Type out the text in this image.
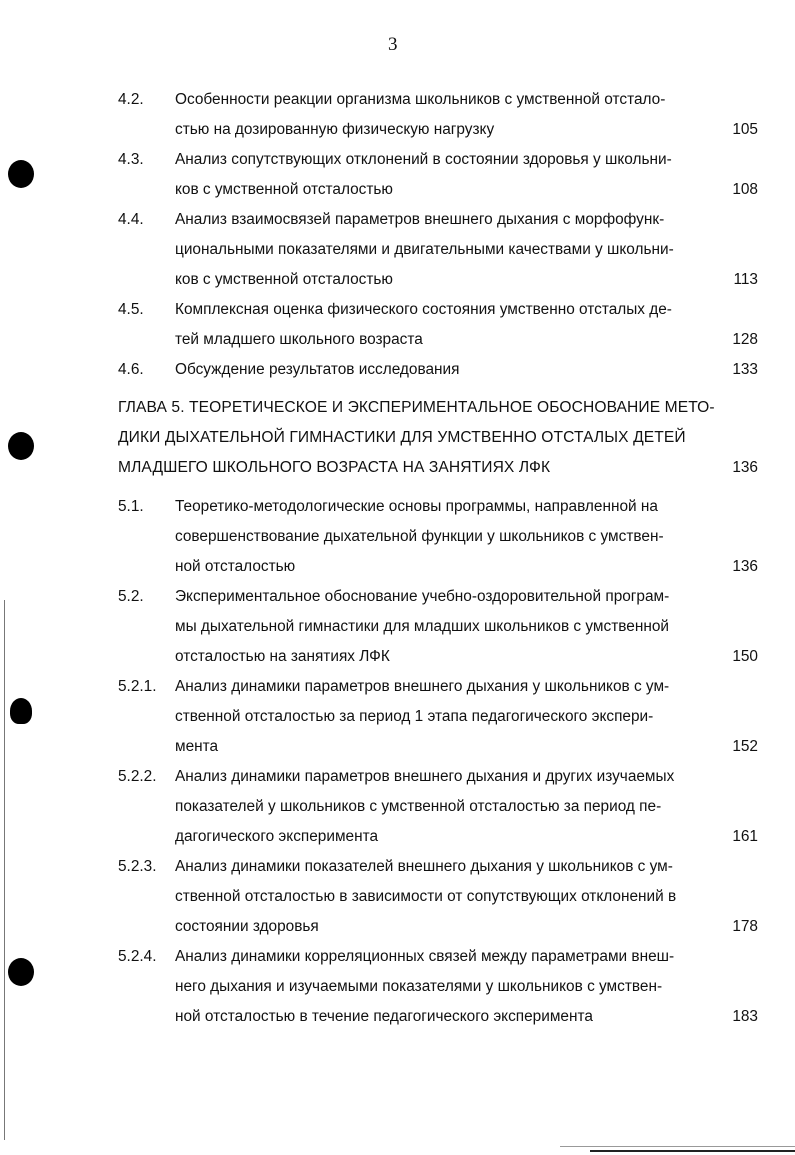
3
4.2. Особенности реакции организма школьников с умственной отстало-
стью на дозированную физическую нагрузку	105
4.3. Анализ сопутствующих отклонений в состоянии здоровья у школьни-
ков с умственной отсталостью	108
4.4. Анализ взаимосвязей параметров внешнего дыхания с морфофунк-
циональными показателями и двигательными качествами у школьни-
ков с умственной отсталостью	113
4.5. Комплексная оценка физического состояния умственно отсталых де-
тей младшего школьного возраста	128
4.6. Обсуждение результатов исследования	133
ГЛАВА 5. ТЕОРЕТИЧЕСКОЕ И ЭКСПЕРИМЕНТАЛЬНОЕ ОБОСНОВАНИЕ МЕТО-
ДИКИ ДЫХАТЕЛЬНОЙ ГИМНАСТИКИ ДЛЯ УМСТВЕННО ОТСТАЛЫХ ДЕТЕЙ
МЛАДШЕГО ШКОЛЬНОГО ВОЗРАСТА НА ЗАНЯТИЯХ ЛФК	136
5.1. Теоретико-методологические основы программы, направленной на
совершенствование дыхательной функции у школьников с умствен-
ной отсталостью	136
5.2. Экспериментальное обоснование учебно-оздоровительной програм-
мы дыхательной гимнастики для младших школьников с умственной
отсталостью на занятиях ЛФК	150
5.2.1. Анализ динамики параметров внешнего дыхания у школьников с ум-
ственной отсталостью за период 1 этапа педагогического экспери-
мента	152
5.2.2. Анализ динамики параметров внешнего дыхания и других изучаемых
показателей у школьников с умственной отсталостью за период пе-
дагогического эксперимента	161
5.2.3. Анализ динамики показателей внешнего дыхания у школьников с ум-
ственной отсталостью в зависимости от сопутствующих отклонений в
состоянии здоровья	178
5.2.4. Анализ динамики корреляционных связей между параметрами внеш-
него дыхания и изучаемыми показателями у школьников с умствен-
ной отсталостью в течение педагогического эксперимента	183
